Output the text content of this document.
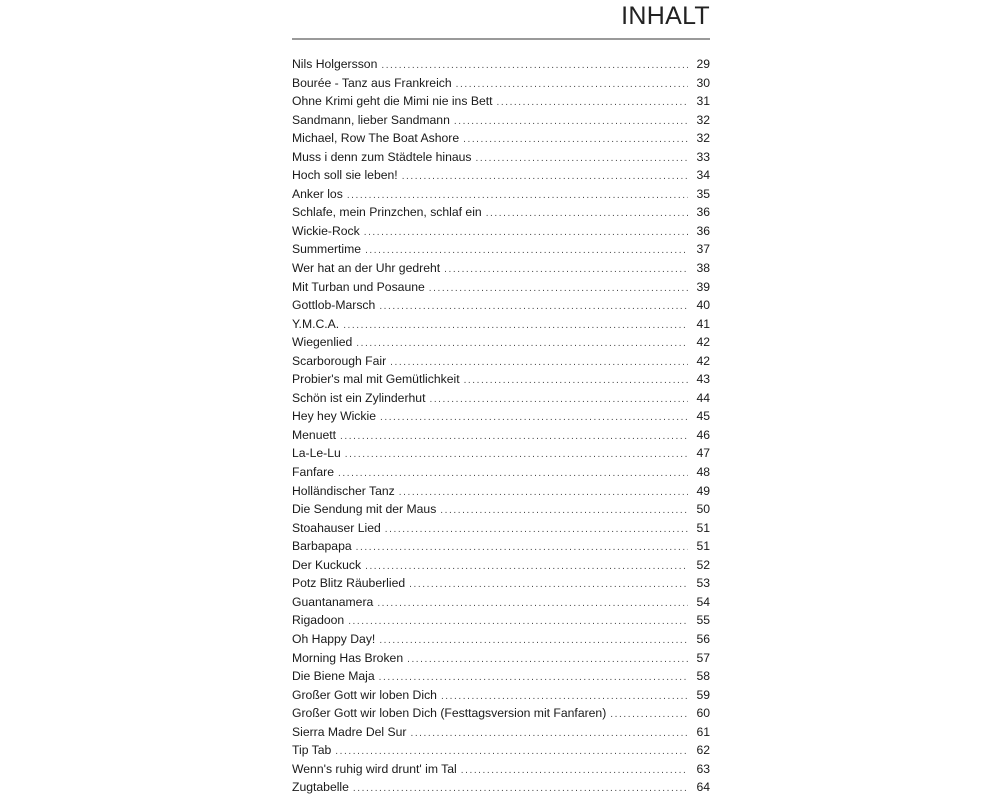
INHALT
Nils Holgersson . . .	29
Bourée - Tanz aus Frankreich . . .	30
Ohne Krimi geht die Mimi nie ins Bett . . .	31
Sandmann, lieber Sandmann . . .	32
Michael, Row The Boat Ashore . . .	32
Muss i denn zum Städtele hinaus . . .	33
Hoch soll sie leben! . . .	34
Anker los . . .	35
Schlafe, mein Prinzchen, schlaf ein . . .	36
Wickie-Rock . . .	36
Summertime . . .	37
Wer hat an der Uhr gedreht . . .	38
Mit Turban und Posaune . . .	39
Gottlob-Marsch . . .	40
Y.M.C.A. . . .	41
Wiegenlied . . .	42
Scarborough Fair . . .	42
Probier's mal mit Gemütlichkeit . . .	43
Schön ist ein Zylinderhut . . .	44
Hey hey Wickie . . .	45
Menuett . . .	46
La-Le-Lu . . .	47
Fanfare . . .	48
Holländischer Tanz . . .	49
Die Sendung mit der Maus . . .	50
Stoahauser Lied . . .	51
Barbapapa . . .	51
Der Kuckuck . . .	52
Potz Blitz Räuberlied . . .	53
Guantanamera . . .	54
Rigadoon . . .	55
Oh Happy Day! . . .	56
Morning Has Broken . . .	57
Die Biene Maja . . .	58
Großer Gott wir loben Dich . . .	59
Großer Gott wir loben Dich (Festtagsversion mit Fanfaren) . . .	60
Sierra Madre Del Sur . . .	61
Tip Tab . . .	62
Wenn's ruhig wird drunt' im Tal . . .	63
Zugtabelle . . .	64
